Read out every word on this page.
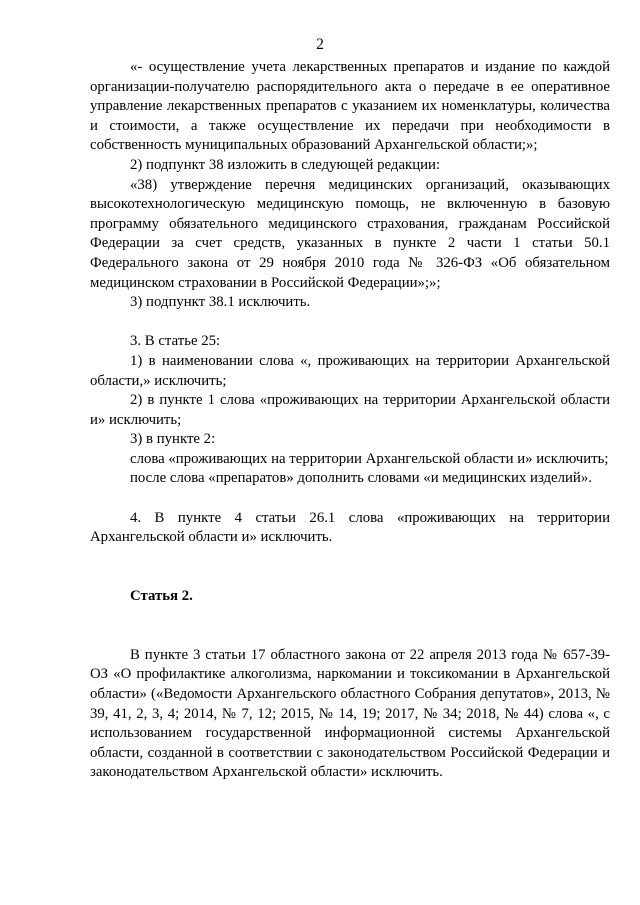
2

«- осуществление учета лекарственных препаратов и издание по каждой организации-получателю распорядительного акта о передаче в ее оперативное управление лекарственных препаратов с указанием их номенклатуры, количества и стоимости, а также осуществление их передачи при необходимости в собственность муниципальных образований Архангельской области;»;

2) подпункт 38 изложить в следующей редакции:

«38) утверждение перечня медицинских организаций, оказывающих высокотехнологическую медицинскую помощь, не включенную в базовую программу обязательного медицинского страхования, гражданам Российской Федерации за счет средств, указанных в пункте 2 части 1 статьи 50.1 Федерального закона от 29 ноября 2010 года № 326-ФЗ «Об обязательном медицинском страховании в Российской Федерации»;»;

3) подпункт 38.1 исключить.

3. В статье 25:

1) в наименовании слова «, проживающих на территории Архангельской области,» исключить;

2) в пункте 1 слова «проживающих на территории Архангельской области и» исключить;

3) в пункте 2:

слова «проживающих на территории Архангельской области и» исключить;

после слова «препаратов» дополнить словами «и медицинских изделий».

4. В пункте 4 статьи 26.1 слова «проживающих на территории Архангельской области и» исключить.

Статья 2.

В пункте 3 статьи 17 областного закона от 22 апреля 2013 года № 657-39-ОЗ «О профилактике алкоголизма, наркомании и токсикомании в Архангельской области» («Ведомости Архангельского областного Собрания депутатов», 2013, № 39, 41, 2, 3, 4; 2014, № 7, 12; 2015, № 14, 19; 2017, № 34; 2018, № 44) слова «, с использованием государственной информационной системы Архангельской области, созданной в соответствии с законодательством Российской Федерации и законодательством Архангельской области» исключить.
